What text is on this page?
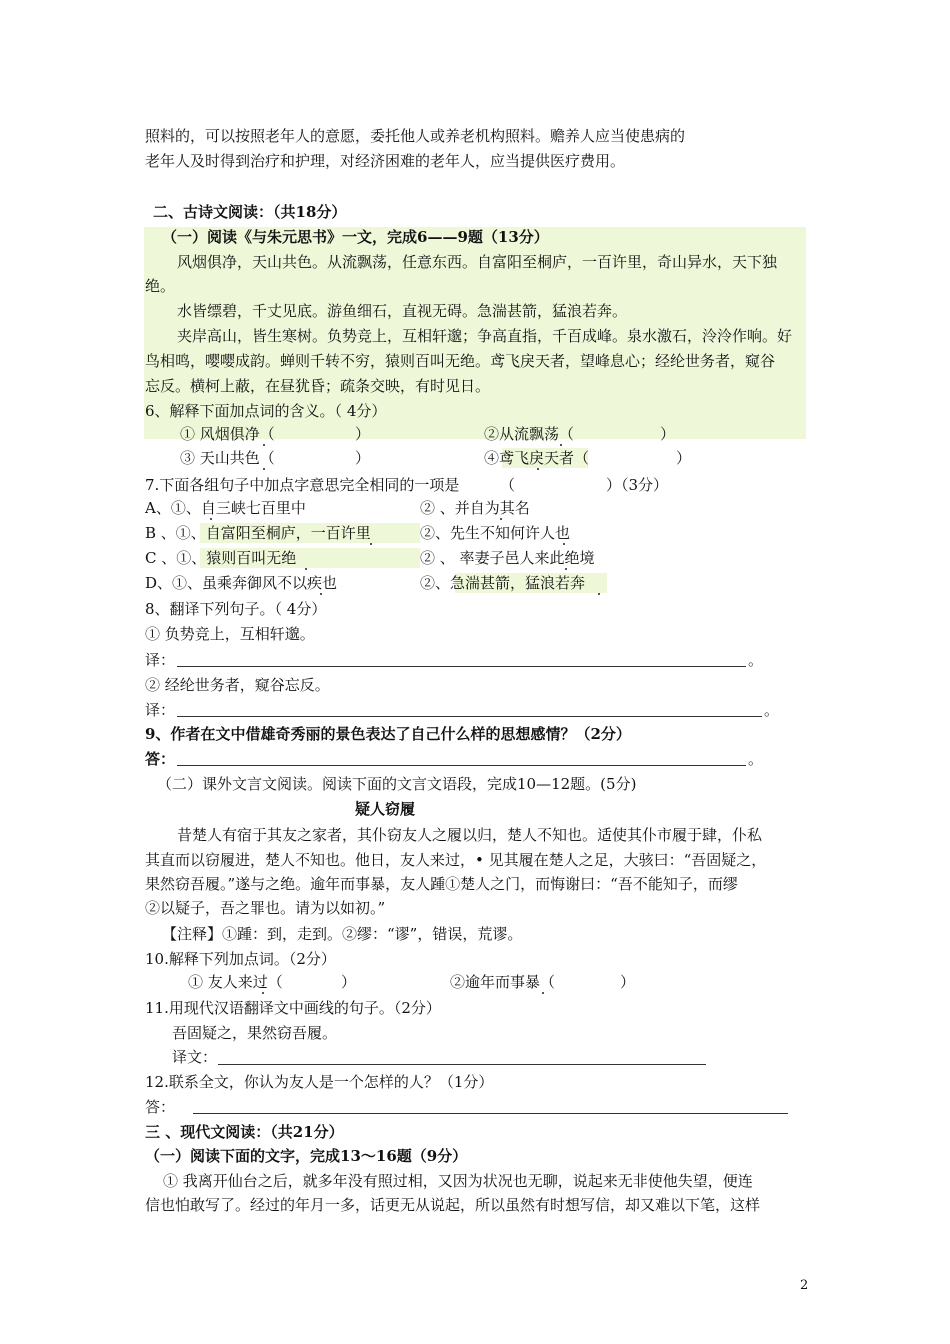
照料的，可以按照老年人的意愿，委托他人或养老机构照料。赡养人应当使患病的
老年人及时得到治疗和护理，对经济困难的老年人，应当提供医疗费用。
二、古诗文阅读：（共18分）
（一）阅读《与朱元思书》一文，完成6——9题（13分）
风烟俱净，天山共色。从流飘荡，任意东西。自富阳至桐庐，一百许里，奇山异水，天下独
绝。
水皆缥碧，千丈见底。游鱼细石，直视无碍。急湍甚箭，猛浪若奔。
夹岸高山，皆生寒树。负势竞上，互相轩邈；争高直指，千百成峰。泉水激石，泠泠作响。好
鸟相鸣，嘤嘤成韵。蝉则千转不穷，猿则百叫无绝。鸢飞戾天者，望峰息心；经纶世务者，窥谷
忘反。横柯上蔽，在昼犹昏；疏条交映，有时见日。
6、解释下面加点词的含义。（ 4分）
① 风烟俱净（	）	②从流飘荡（	）
③ 天山共色（	）	④鸢飞戾天者（	）
7.下面各组句子中加点字意思完全相同的一项是	（	）（3分）
A、①、自三峡七百里中	② 、并自为其名
B 、①、自富阳至桐庐，一百许里	②、先生不知何许人也
C 、①、猿则百叫无绝	② 、 率妻子邑人来此绝境
D、①、虽乘奔御风不以疾也	②、急湍甚箭，猛浪若奔
8、翻译下列句子。（ 4分）
① 负势竞上，互相轩邈。
译：	。
② 经纶世务者，窥谷忘反。
译：	。
9、作者在文中借雄奇秀丽的景色表达了自己什么样的思想感情？（2分）
答：	。
（二）课外文言文阅读。阅读下面的文言文语段，完成10—12题。(5分)
疑人窃履
昔楚人有宿于其友之家者，其仆窃友人之履以归，楚人不知也。适使其仆市履于肆，仆私
其直而以窃履进，楚人不知也。他日，友人来过，• 见其履在楚人之足，大骇曰：“吾固疑之，
果然窃吾履。”遂与之绝。逾年而事暴，友人踵①楚人之门，而悔谢曰：“吾不能知子，而缪
②以疑子，吾之罪也。请为以如初。”
【注释】①踵：到，走到。②缪：“谬”，错误，荒谬。
10.解释下列加点词。（2分）
① 友人来过（	）	②逾年而事暴（	）
11.用现代汉语翻译文中画线的句子。（2分）
吾固疑之，果然窃吾履。
译文：
12.联系全文，你认为友人是一个怎样的人？（1分）
答：
三 、现代文阅读：（共21分）
（一）阅读下面的文字，完成13～16题（9分）
① 我离开仙台之后，就多年没有照过相，又因为状况也无聊，说起来无非使他失望，便连
信也怕敢写了。经过的年月一多，话更无从说起，所以虽然有时想写信，却又难以下笔，这样
2
